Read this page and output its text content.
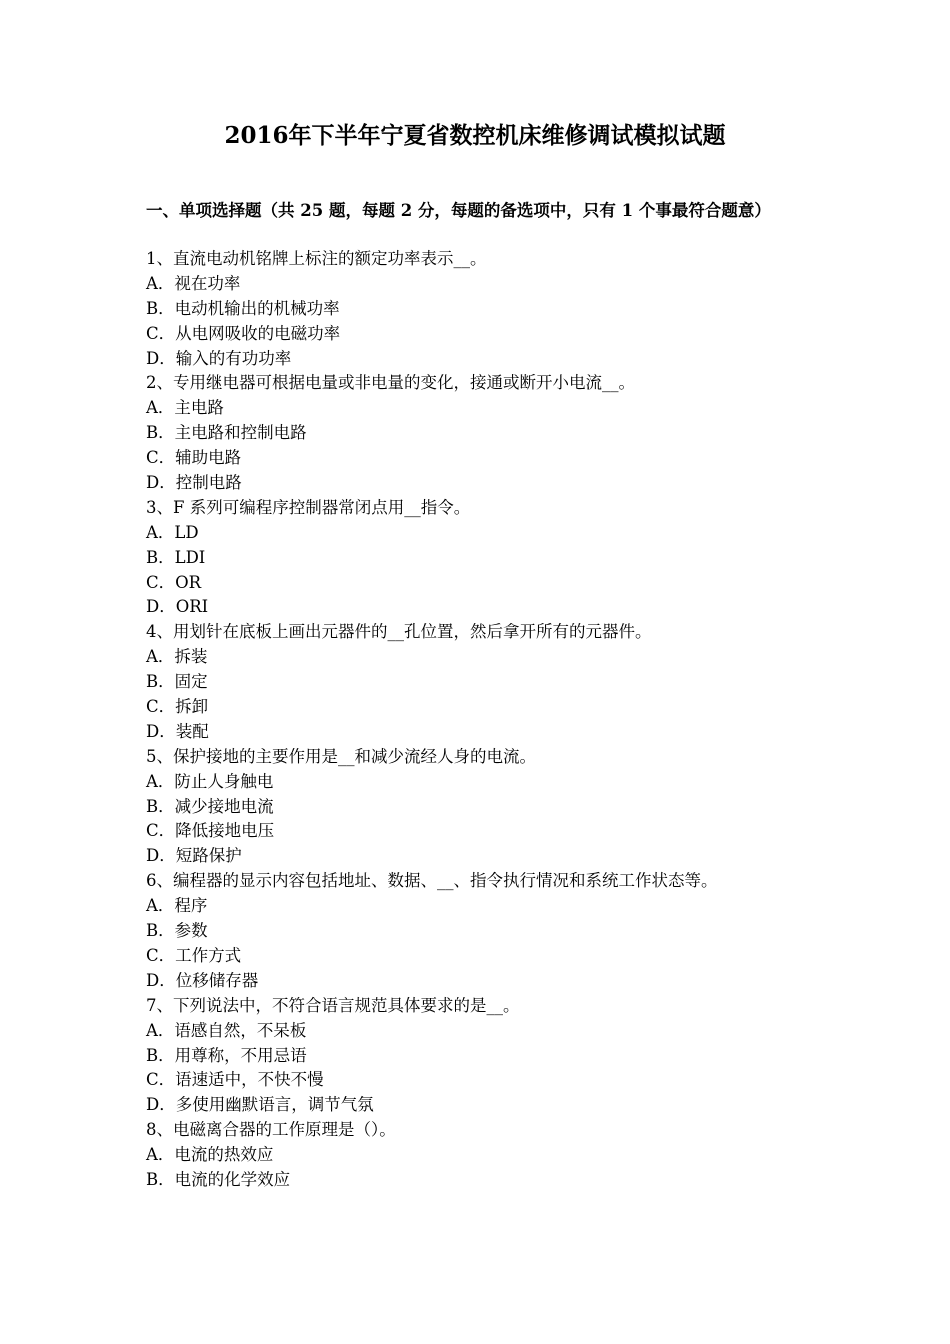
2016年下半年宁夏省数控机床维修调试模拟试题
一、单项选择题（共 25 题，每题 2 分，每题的备选项中，只有 1 个事最符合题意）
1、直流电动机铭牌上标注的额定功率表示__。
A．视在功率
B．电动机输出的机械功率
C．从电网吸收的电磁功率
D．输入的有功功率
2、专用继电器可根据电量或非电量的变化，接通或断开小电流__。
A．主电路
B．主电路和控制电路
C．辅助电路
D．控制电路
3、F 系列可编程序控制器常闭点用__指令。
A．LD
B．LDI
C．OR
D．ORI
4、用划针在底板上画出元器件的__孔位置，然后拿开所有的元器件。
A．拆装
B．固定
C．拆卸
D．装配
5、保护接地的主要作用是__和减少流经人身的电流。
A．防止人身触电
B．减少接地电流
C．降低接地电压
D．短路保护
6、编程器的显示内容包括地址、数据、__、指令执行情况和系统工作状态等。
A．程序
B．参数
C．工作方式
D．位移储存器
7、下列说法中，不符合语言规范具体要求的是__。
A．语感自然，不呆板
B．用尊称，不用忌语
C．语速适中，不快不慢
D．多使用幽默语言，调节气氛
8、电磁离合器的工作原理是（）。
A．电流的热效应
B．电流的化学效应
